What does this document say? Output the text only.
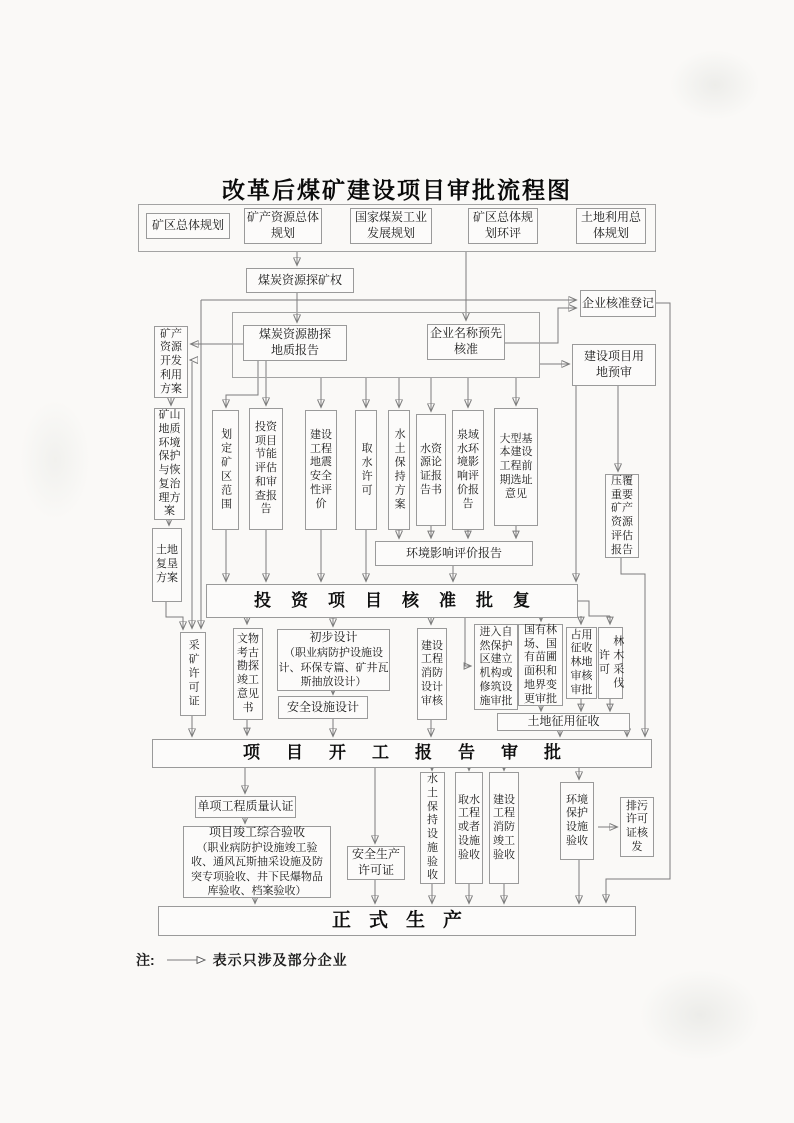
改革后煤矿建设项目审批流程图
矿区总体规划
矿产资源总体规划
国家煤炭工业发展规划
矿区总体规划环评
土地利用总体规划
煤炭资源探矿权
企业核准登记
煤炭资源勘探地质报告
企业名称预先核准
矿产资源开发利用方案
建设项目用地预审
矿山地质环境保护与恢复治理方案	划定矿区范围
投资项目节能评估和审查报告
建设工程地震安全性评价
取水许可	水土保持方案	水资源论证报告书
泉域水环境影响评价报告
大型基本建设工程前期选址意见
压覆重要矿产资源评估报告
土地复垦方案
环境影响评价报告
投资项目核准批复
采矿许可证
文物考古勘探竣工意见书
初步设计
（职业病防护设施设计、环保专篇、矿井瓦斯抽放设计）
安全设施设计
建设工程消防设计审核
进入自然保护区建立机构或修筑设施审批
国有林场、国有苗圃面积和地界变更审批
占用征收林地审核审批	林木采伐许可
土地征用征收
项目开工报告审批
单项工程质量认证
项目竣工综合验收
（职业病防护设施竣工验收、通风瓦斯抽采设施及防突专项验收、井下民爆物品库验收、档案验收）
安全生产许可证
水土保持设施验收
取水工程或者设施验收
建设工程消防竣工验收
环境保护设施验收
排污许可证核发
正式生产
注:	表示只涉及部分企业
